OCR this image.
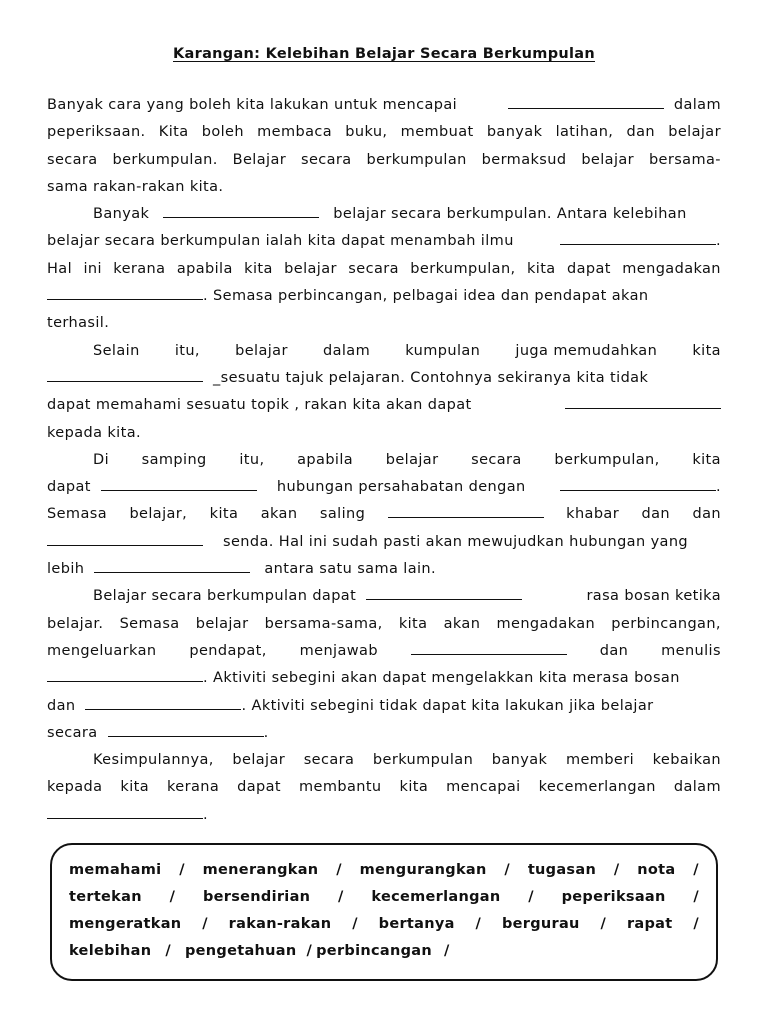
Karangan: Kelebihan Belajar Secara Berkumpulan
Banyak cara yang boleh kita lakukan untuk mencapai	dalam
peperiksaan. Kita boleh membaca buku, membuat banyak latihan, dan belajar
secara berkumpulan. Belajar secara berkumpulan bermaksud belajar bersama-
sama rakan-rakan kita.
Banyak	belajar secara berkumpulan. Antara kelebihan
belajar secara berkumpulan ialah kita dapat menambah ilmu	.
Hal ini kerana apabila kita belajar secara berkumpulan, kita dapat mengadakan
. Semasa perbincangan, pelbagai idea dan pendapat akan
terhasil.
Selain itu, belajar dalam kumpulan juga memudahkan kita
_sesuatu tajuk pelajaran. Contohnya sekiranya kita tidak
dapat memahami sesuatu topik , rakan kita akan dapat
kepada kita.
Di samping itu, apabila belajar secara berkumpulan, kita
dapat	hubungan persahabatan dengan	.
Semasa belajar, kita akan saling	khabar dan dan
senda. Hal ini sudah pasti akan mewujudkan hubungan yang
lebih	antara satu sama lain.
Belajar secara berkumpulan dapat	rasa bosan ketika
belajar. Semasa belajar bersama-sama, kita akan mengadakan perbincangan,
mengeluarkan pendapat, menjawab	dan menulis
. Aktiviti sebegini akan dapat mengelakkan kita merasa bosan
dan	. Aktiviti sebegini tidak dapat kita lakukan jika belajar
secara	.
Kesimpulannya, belajar secara berkumpulan banyak memberi kebaikan
kepada kita kerana dapat membantu kita mencapai kecemerlangan dalam
.
memahami / menerangkan / mengurangkan / tugasan / nota /
tertekan / bersendirian / kecemerlangan / peperiksaan /
mengeratkan / rakan-rakan / bertanya / bergurau / rapat /
kelebihan / pengetahuan / perbincangan /
